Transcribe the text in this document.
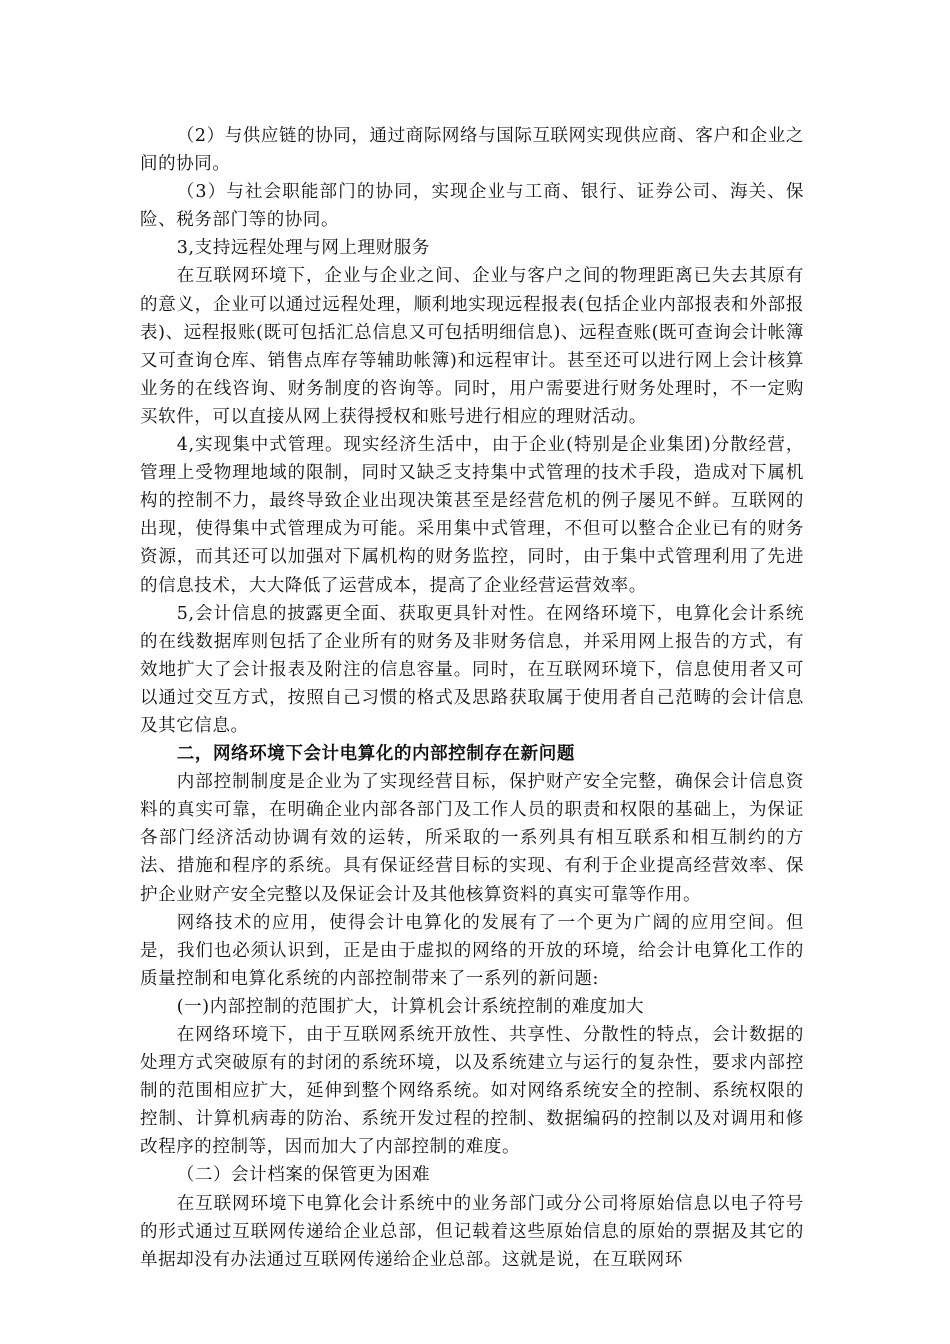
（2）与供应链的协同，通过商际网络与国际互联网实现供应商、客户和企业之间的协同。

（3）与社会职能部门的协同，实现企业与工商、银行、证券公司、海关、保险、税务部门等的协同。

3,支持远程处理与网上理财服务

在互联网环境下，企业与企业之间、企业与客户之间的物理距离已失去其原有的意义，企业可以通过远程处理，顺利地实现远程报表(包括企业内部报表和外部报表)、远程报账(既可包括汇总信息又可包括明细信息)、远程查账(既可查询会计帐簿又可查询仓库、销售点库存等辅助帐簿)和远程审计。甚至还可以进行网上会计核算业务的在线咨询、财务制度的咨询等。同时，用户需要进行财务处理时，不一定购买软件，可以直接从网上获得授权和账号进行相应的理财活动。

4,实现集中式管理。现实经济生活中，由于企业(特别是企业集团)分散经营，管理上受物理地域的限制，同时又缺乏支持集中式管理的技术手段，造成对下属机构的控制不力，最终导致企业出现决策甚至是经营危机的例子屡见不鲜。互联网的出现，使得集中式管理成为可能。采用集中式管理，不但可以整合企业已有的财务资源，而其还可以加强对下属机构的财务监控，同时，由于集中式管理利用了先进的信息技术，大大降低了运营成本，提高了企业经营运营效率。

5,会计信息的披露更全面、获取更具针对性。在网络环境下，电算化会计系统的在线数据库则包括了企业所有的财务及非财务信息，并采用网上报告的方式，有效地扩大了会计报表及附注的信息容量。同时，在互联网环境下，信息使用者又可以通过交互方式，按照自己习惯的格式及思路获取属于使用者自己范畴的会计信息及其它信息。

二，网络环境下会计电算化的内部控制存在新问题

内部控制制度是企业为了实现经营目标，保护财产安全完整，确保会计信息资料的真实可靠，在明确企业内部各部门及工作人员的职责和权限的基础上，为保证各部门经济活动协调有效的运转，所采取的一系列具有相互联系和相互制约的方法、措施和程序的系统。具有保证经营目标的实现、有利于企业提高经营效率、保护企业财产安全完整以及保证会计及其他核算资料的真实可靠等作用。

网络技术的应用，使得会计电算化的发展有了一个更为广阔的应用空间。但是，我们也必须认识到，正是由于虚拟的网络的开放的环境，给会计电算化工作的质量控制和电算化系统的内部控制带来了一系列的新问题:

(一)内部控制的范围扩大，计算机会计系统控制的难度加大

在网络环境下，由于互联网系统开放性、共享性、分散性的特点，会计数据的处理方式突破原有的封闭的系统环境，以及系统建立与运行的复杂性，要求内部控制的范围相应扩大，延伸到整个网络系统。如对网络系统安全的控制、系统权限的控制、计算机病毒的防治、系统开发过程的控制、数据编码的控制以及对调用和修改程序的控制等，因而加大了内部控制的难度。

（二）会计档案的保管更为困难

在互联网环境下电算化会计系统中的业务部门或分公司将原始信息以电子符号的形式通过互联网传递给企业总部，但记载着这些原始信息的原始的票据及其它的单据却没有办法通过互联网传递给企业总部。这就是说，在互联网环
